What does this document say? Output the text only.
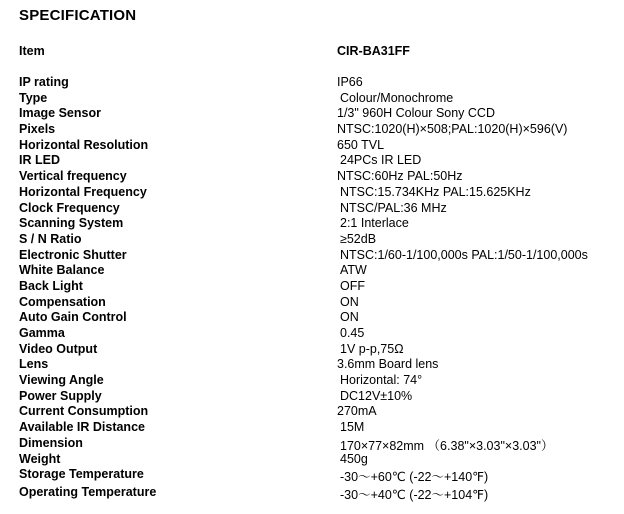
SPECIFICATION
Item	CIR-BA31FF
IP rating	IP66
Type	Colour/Monochrome
Image Sensor	1/3" 960H Colour Sony CCD
Pixels	NTSC:1020(H)×508;PAL:1020(H)×596(V)
Horizontal Resolution	650 TVL
IR LED	24PCs IR LED
Vertical frequency	NTSC:60Hz PAL:50Hz
Horizontal Frequency	NTSC:15.734KHz PAL:15.625KHz
Clock Frequency	NTSC/PAL:36 MHz
Scanning System	2:1 Interlace
S / N Ratio	≥52dB
Electronic Shutter	NTSC:1/60-1/100,000s PAL:1/50-1/100,000s
White Balance	ATW
Back Light	OFF
Compensation	ON
Auto Gain Control	ON
Gamma	0.45
Video Output	1V p-p,75Ω
Lens	3.6mm Board lens
Viewing Angle	Horizontal: 74°
Power Supply	DC12V±10%
Current Consumption	270mA
Available IR Distance	15M
Dimension	170×77×82mm （6.38"×3.03"×3.03"）
Weight	450g
Storage Temperature	-30～+60℃ (-22～+140℉)
Operating Temperature	-30～+40℃ (-22～+104℉)
